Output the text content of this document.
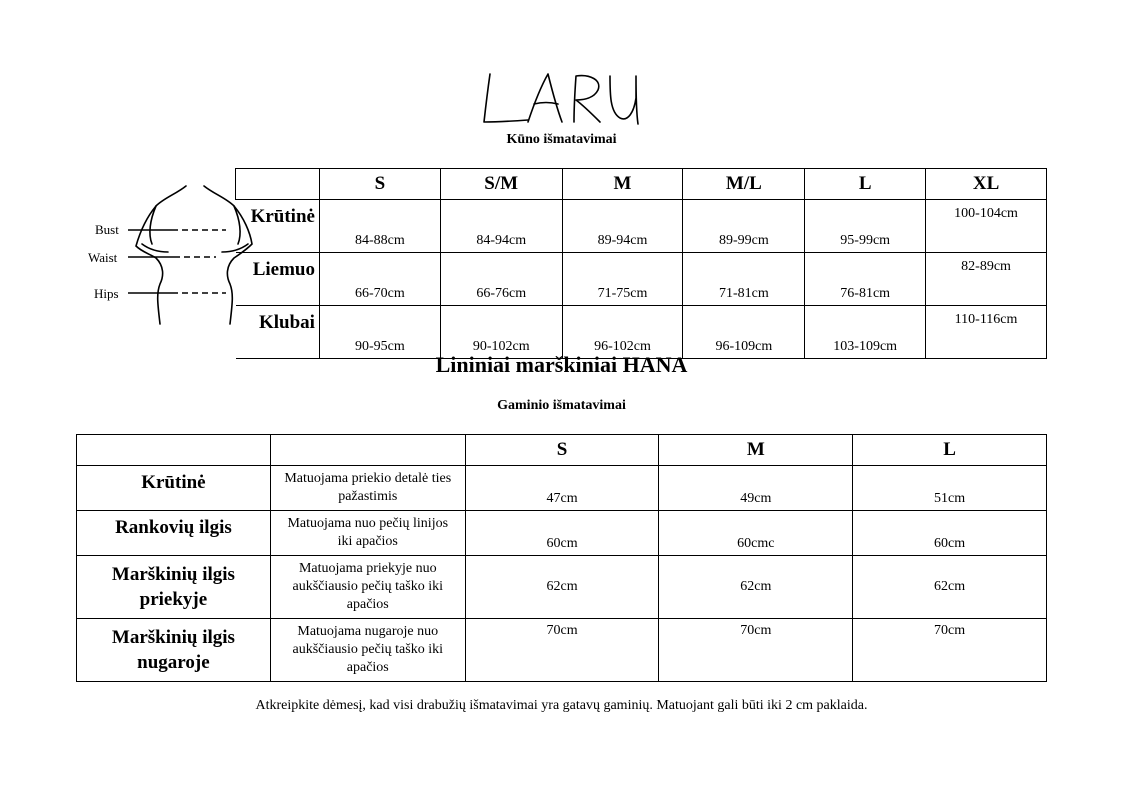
Kūno išmatavimai
Bust
Waist
Hips
	S	S/M	M	M/L	L	XL
Krūtinė	84-88cm	84-94cm	89-94cm	89-99cm	95-99cm	100-104cm
Liemuo	66-70cm	66-76cm	71-75cm	71-81cm	76-81cm	82-89cm
Klubai	90-95cm	90-102cm	96-102cm	96-109cm	103-109cm	110-116cm
Lininiai marškiniai HANA
Gaminio išmatavimai
		S	M	L
Krūtinė	Matuojama priekio detalė ties pažastimis	47cm	49cm	51cm
Rankovių ilgis	Matuojama nuo pečių linijos iki apačios	60cm	60cmc	60cm
Marškinių ilgis priekyje	Matuojama priekyje nuo aukščiausio pečių taško iki apačios	62cm	62cm	62cm
Marškinių ilgis nugaroje	Matuojama nugaroje nuo aukščiausio pečių taško iki apačios	70cm	70cm	70cm
Atkreipkite dėmesį, kad visi drabužių išmatavimai yra gatavų gaminių. Matuojant gali būti iki 2 cm paklaida.
